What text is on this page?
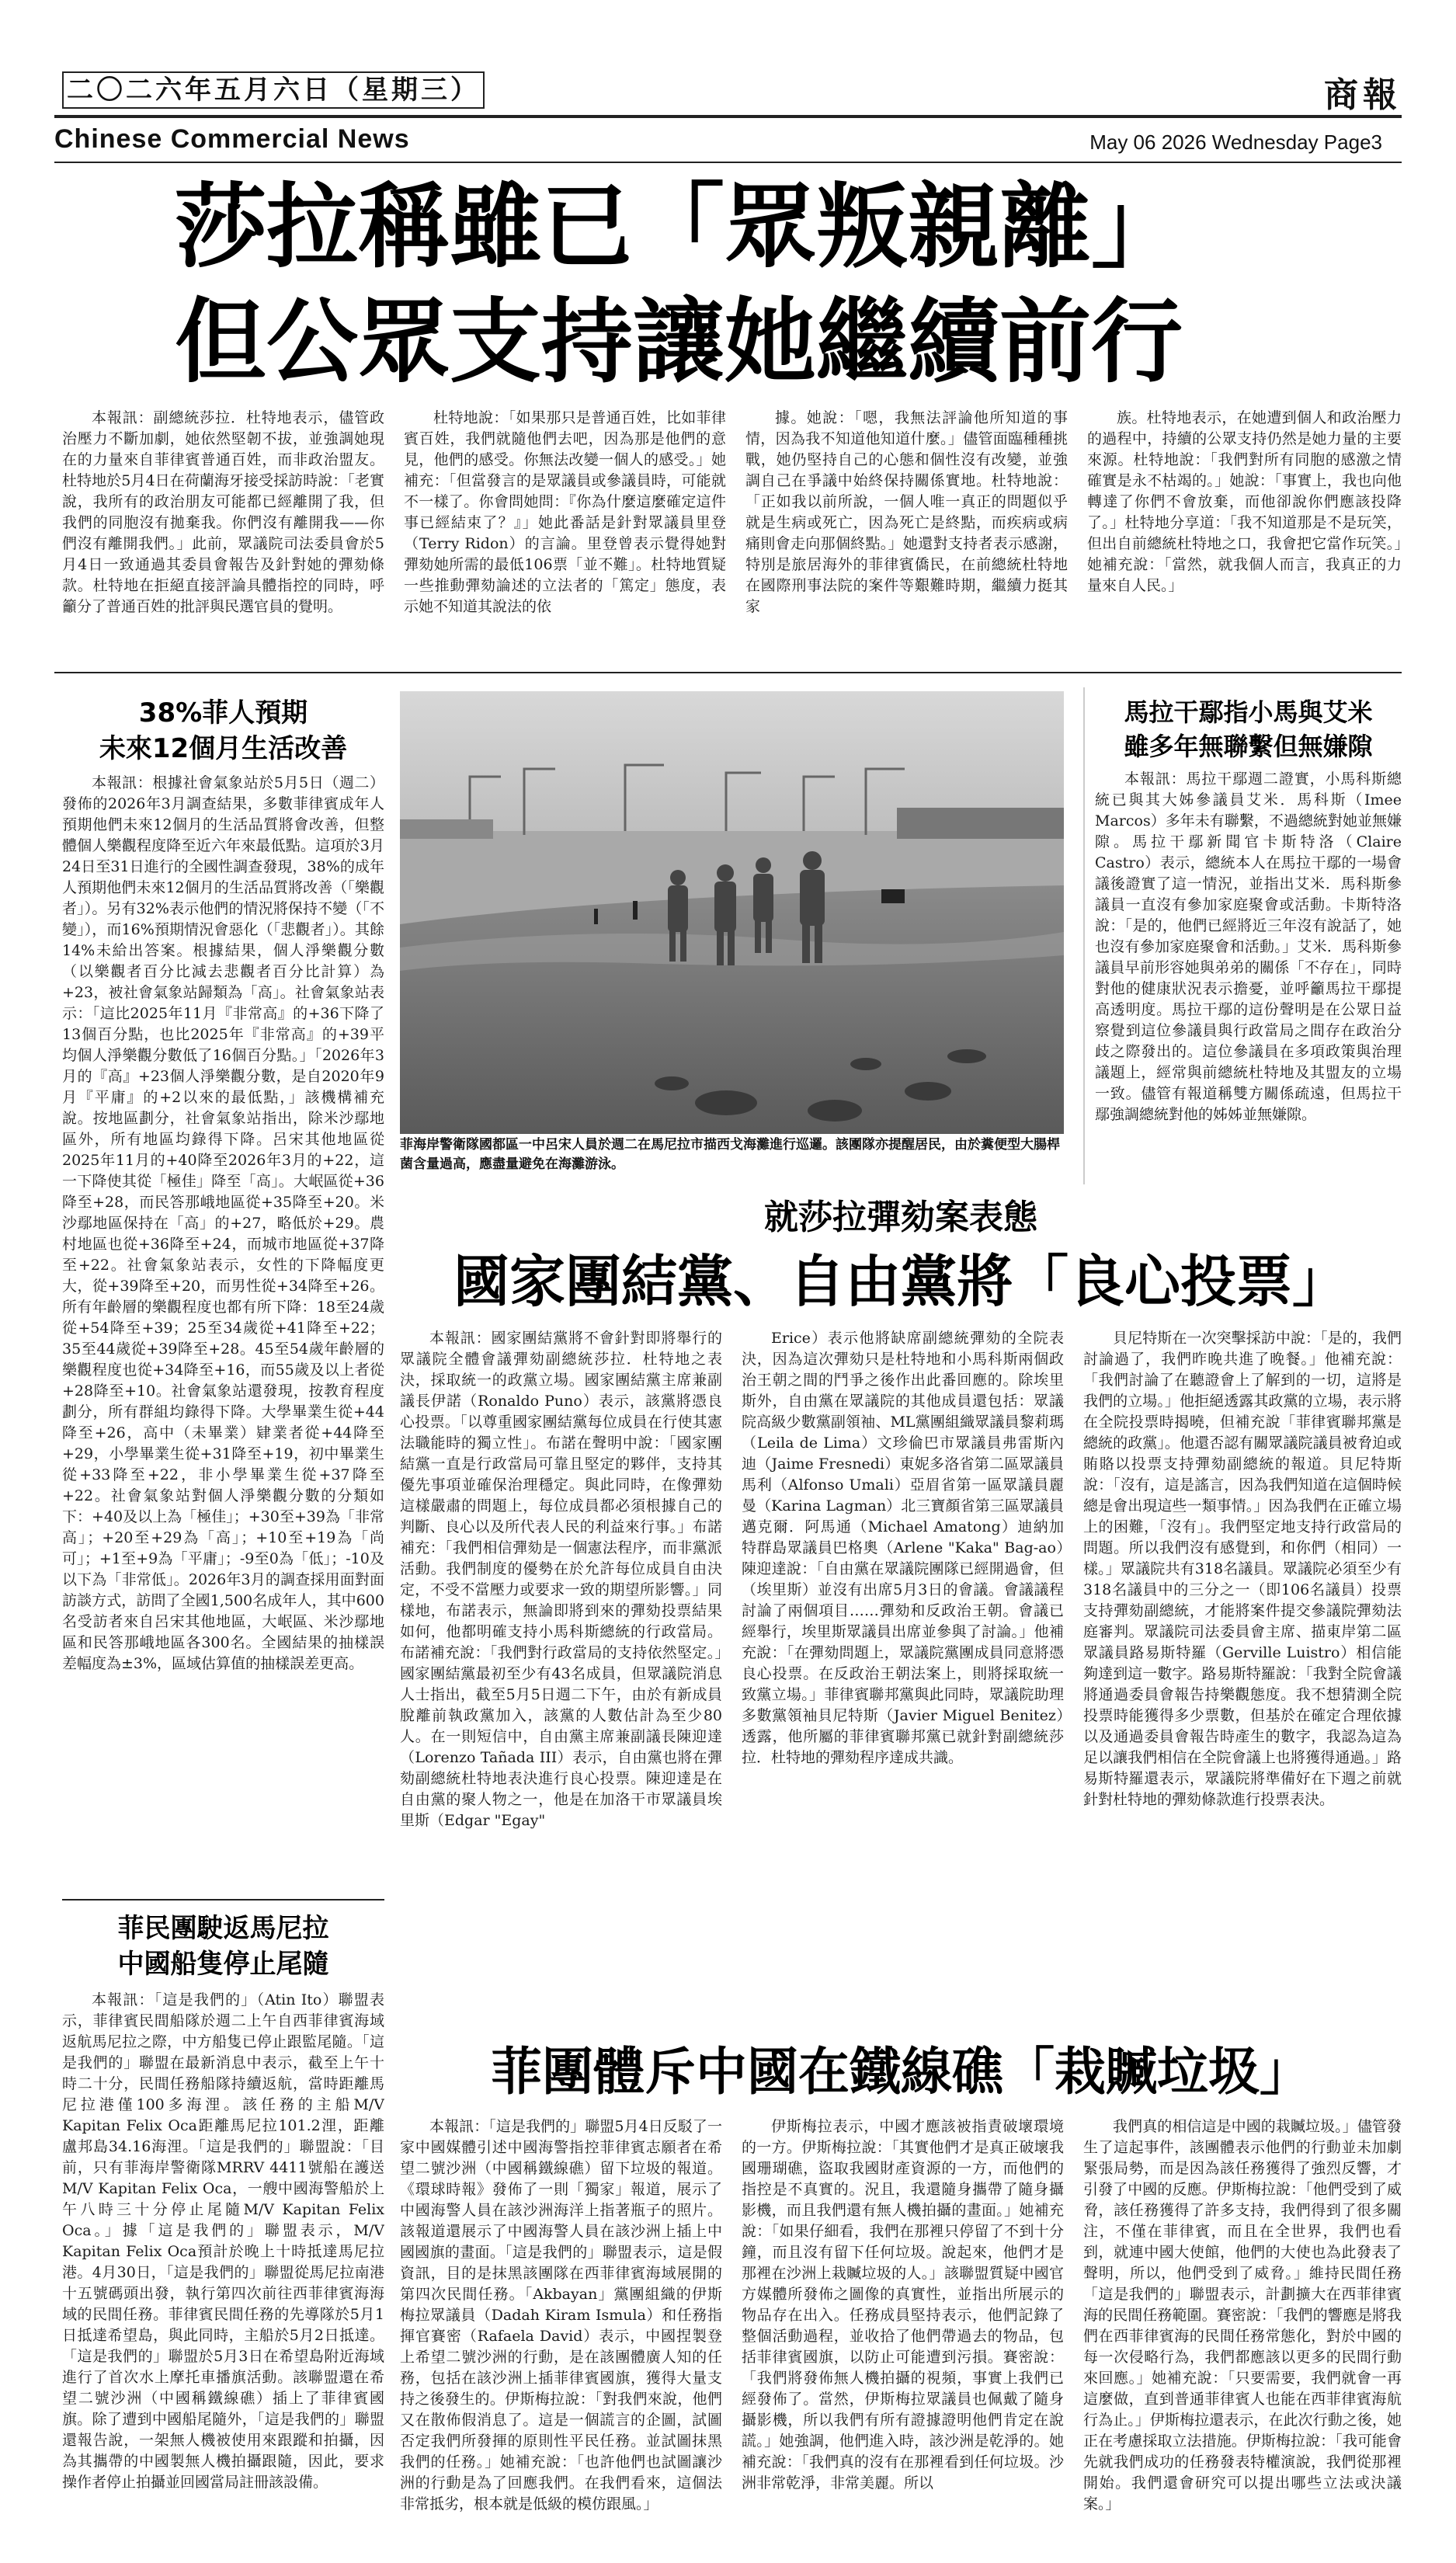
二〇二六年五月六日（星期三）	商報
Chinese Commercial News	May 06 2026 Wednesday Page3
莎拉稱雖已「眾叛親離」
但公眾支持讓她繼續前行

本報訊：副總統莎拉．杜特地表示，儘管政治壓力不斷加劇，她依然堅韌不拔，並強調她現在的力量來自菲律賓普通百姓，而非政治盟友。杜特地於5月4日在荷蘭海牙接受採訪時說：「老實說，我所有的政治朋友可能都已經離開了我，但我們的同胞沒有拋棄我。你們沒有離開我——你們沒有離開我們。」此前，眾議院司法委員會於5月4日一致通過其委員會報告及針對她的彈劾條款。杜特地在拒絕直接評論具體指控的同時，呼籲分了普通百姓的批評與民選官員的覺明。

杜特地說：「如果那只是普通百姓，比如菲律賓百姓，我們就隨他們去吧，因為那是他們的意見，他們的感受。你無法改變一個人的感受。」她補充：「但當發言的是眾議員或參議員時，可能就不一樣了。你會問她問：『你為什麼這麼確定這件事已經結束了？』」她此番話是針對眾議員里登（Terry Ridon）的言論。里登曾表示覺得她對彈劾她所需的最低106票「並不難」。杜特地質疑一些推動彈劾論述的立法者的「篤定」態度，表示她不知道其說法的依

據。她說：「嗯，我無法評論他所知道的事情，因為我不知道他知道什麼。」儘管面臨種種挑戰，她仍堅持自己的心態和個性沒有改變，並強調自己在爭議中始終保持關係實地。杜特地說：「正如我以前所說，一個人唯一真正的問題似乎就是生病或死亡，因為死亡是終點，而疾病或病痛則會走向那個終點。」她還對支持者表示感謝，特別是旅居海外的菲律賓僑民，在前總統杜特地在國際刑事法院的案件等艱難時期，繼續力挺其家

族。杜特地表示，在她遭到個人和政治壓力的過程中，持續的公眾支持仍然是她力量的主要來源。杜特地說：「我們對所有同胞的感激之情確實是永不枯竭的。」她說：「事實上，我也向他轉達了你們不會放棄，而他卻說你們應該投降了。」杜特地分享道：「我不知道那是不是玩笑，但出自前總統杜特地之口，我會把它當作玩笑。」她補充說：「當然，就我個人而言，我真正的力量來自人民。」

38%菲人預期
未來12個月生活改善

本報訊：根據社會氣象站於5月5日（週二）發佈的2026年3月調查結果，多數菲律賓成年人預期他們未來12個月的生活品質將會改善，但整體個人樂觀程度降至近六年來最低點。這項於3月24日至31日進行的全國性調查發現，38%的成年人預期他們未來12個月的生活品質將改善（「樂觀者」）。另有32%表示他們的情況將保持不變（「不變」），而16%預期情況會惡化（「悲觀者」）。其餘14%未給出答案。根據結果，個人淨樂觀分數（以樂觀者百分比減去悲觀者百分比計算）為+23，被社會氣象站歸類為「高」。社會氣象站表示：「這比2025年11月『非常高』的+36下降了13個百分點，也比2025年『非常高』的+39平均個人淨樂觀分數低了16個百分點。」「2026年3月的『高』+23個人淨樂觀分數，是自2020年9月『平庸』的+2以來的最低點，」該機構補充說。按地區劃分，社會氣象站指出，除米沙鄢地區外，所有地區均錄得下降。呂宋其他地區從2025年11月的+40降至2026年3月的+22，這一下降使其從「極佳」降至「高」。大岷區從+36降至+28，而民答那峨地區從+35降至+20。米沙鄢地區保持在「高」的+27，略低於+29。農村地區也從+36降至+24，而城市地區從+37降至+22。社會氣象站表示，女性的下降幅度更大，從+39降至+20，而男性從+34降至+26。所有年齡層的樂觀程度也都有所下降：18至24歲從+54降至+39；25至34歲從+41降至+22；35至44歲從+39降至+28。45至54歲年齡層的樂觀程度也從+34降至+16，而55歲及以上者從+28降至+10。社會氣象站還發現，按教育程度劃分，所有群組均錄得下降。大學畢業生從+44降至+26，高中（未畢業）肄業者從+44降至+29，小學畢業生從+31降至+19，初中畢業生從+33降至+22，非小學畢業生從+37降至+22。社會氣象站對個人淨樂觀分數的分類如下：+40及以上為「極佳」；+30至+39為「非常高」；+20至+29為「高」；+10至+19為「尚可」；+1至+9為「平庸」；-9至0為「低」；-10及以下為「非常低」。2026年3月的調查採用面對面訪談方式，訪問了全國1,500名成年人，其中600名受訪者來自呂宋其他地區，大岷區、米沙鄢地區和民答那峨地區各300名。全國結果的抽樣誤差幅度為±3%，區域估算值的抽樣誤差更高。

菲民團駛返馬尼拉
中國船隻停止尾隨

本報訊：「這是我們的」（Atin Ito）聯盟表示，菲律賓民間船隊於週二上午自西菲律賓海域返航馬尼拉之際，中方船隻已停止跟監尾隨。「這是我們的」聯盟在最新消息中表示，截至上午十時二十分，民間任務船隊持續返航，當時距離馬尼拉港僅100多海浬。該任務的主船M/V Kapitan Felix Oca距離馬尼拉101.2浬，距離盧邦島34.16海浬。「這是我們的」聯盟說：「目前，只有菲海岸警衛隊MRRV 4411號船在護送M/V Kapitan Felix Oca，一艘中國海警船於上午八時三十分停止尾隨M/V Kapitan Felix Oca。」據「這是我們的」聯盟表示，M/V Kapitan Felix Oca預計於晚上十時抵達馬尼拉港。4月30日，「這是我們的」聯盟從馬尼拉南港十五號碼頭出發，執行第四次前往西菲律賓海海域的民間任務。菲律賓民間任務的先導隊於5月1日抵達希望島，與此同時，主船於5月2日抵達。「這是我們的」聯盟於5月3日在希望島附近海域進行了首次水上摩托車播旗活動。該聯盟還在希望二號沙洲（中國稱鐵線礁）插上了菲律賓國旗。除了遭到中國船尾隨外，「這是我們的」聯盟還報告說，一架無人機被使用來跟蹤和拍攝，因為其攜帶的中國製無人機拍攝跟隨，因此，要求操作者停止拍攝並回國當局註冊該設備。

菲海岸警衛隊國都區一中呂宋人員於週二在馬尼拉市描西戈海灘進行巡邏。該團隊亦提醒居民，由於糞便型大腸桿菌含量過高，應盡量避免在海灘游泳。
馬拉干鄢指小馬與艾米
雖多年無聯繫但無嫌隙

本報訊：馬拉干鄢週二證實，小馬科斯總統已與其大姊參議員艾米．馬科斯（Imee Marcos）多年未有聯繫，不過總統對她並無嫌隙。馬拉干鄢新聞官卡斯特洛（Claire Castro）表示，總統本人在馬拉干鄢的一場會議後證實了這一情況，並指出艾米．馬科斯參議員一直沒有參加家庭聚會或活動。卡斯特洛說：「是的，他們已經將近三年沒有說話了，她也沒有參加家庭聚會和活動。」艾米．馬科斯參議員早前形容她與弟弟的關係「不存在」，同時對他的健康狀況表示擔憂，並呼籲馬拉干鄢提高透明度。馬拉干鄢的這份聲明是在公眾日益察覺到這位參議員與行政當局之間存在政治分歧之際發出的。這位參議員在多項政策與治理議題上，經常與前總統杜特地及其盟友的立場一致。儘管有報道稱雙方關係疏遠，但馬拉干鄢強調總統對他的姊姊並無嫌隙。

就莎拉彈劾案表態
國家團結黨、自由黨將「良心投票」

本報訊：國家團結黨將不會針對即將舉行的眾議院全體會議彈劾副總統莎拉．杜特地之表決，採取統一的政黨立場。國家團結黨主席兼副議長伊諾（Ronaldo Puno）表示，該黨將憑良心投票。「以尊重國家團結黨每位成員在行使其憲法職能時的獨立性」。布諾在聲明中說：「國家團結黨一直是行政當局可靠且堅定的夥伴，支持其優先事項並確保治理穩定。與此同時，在像彈劾這樣嚴肅的問題上，每位成員都必須根據自己的判斷、良心以及所代表人民的利益來行事。」布諾補充：「我們相信彈劾是一個憲法程序，而非黨派活動。我們制度的優勢在於允許每位成員自由決定，不受不當壓力或要求一致的期望所影響。」同樣地，布諾表示，無論即將到來的彈劾投票結果如何，他都明確支持小馬科斯總統的行政當局。布諾補充說：「我們對行政當局的支持依然堅定。」國家團結黨最初至少有43名成員，但眾議院消息人士指出，截至5月5日週二下午，由於有新成員脫離前執政黨加入，該黨的人數估計為至少80人。在一則短信中，自由黨主席兼副議長陳迎達（Lorenzo Tañada III）表示，自由黨也將在彈劾副總統杜特地表決進行良心投票。陳迎達是在自由黨的聚人物之一，他是在加洛干市眾議員埃里斯（Edgar "Egay"

Erice）表示他將缺席副總統彈劾的全院表決，因為這次彈劾只是杜特地和小馬科斯兩個政治王朝之間的鬥爭之後作出此番回應的。除埃里斯外，自由黨在眾議院的其他成員還包括：眾議院高級少數黨副領袖、ML黨團組織眾議員黎莉瑪（Leila de Lima）文珍倫巴市眾議員弗雷斯內迪（Jaime Fresnedi）東妮多洛省第二區眾議員馬利（Alfonso Umali）亞眉省第一區眾議員麗曼（Karina Lagman）北三寶顏省第三區眾議員邁克爾．阿馬通（Michael Amatong）迪納加特群島眾議員巴格奧（Arlene "Kaka" Bag-ao）陳迎達說：「自由黨在眾議院團隊已經開過會，但（埃里斯）並沒有出席5月3日的會議。會議議程討論了兩個項目……彈劾和反政治王朝。會議已經舉行，埃里斯眾議員出席並參與了討論。」他補充說：「在彈劾問題上，眾議院黨團成員同意將憑良心投票。在反政治王朝法案上，則將採取統一致黨立場。」菲律賓聯邦黨與此同時，眾議院助理多數黨領袖貝尼特斯（Javier Miguel Benitez）透露，他所屬的菲律賓聯邦黨已就針對副總統莎拉．杜特地的彈劾程序達成共識。

貝尼特斯在一次突擊採訪中說：「是的，我們討論過了，我們昨晚共進了晚餐。」他補充說：「我們討論了在聽證會上了解到的一切，這將是我們的立場。」他拒絕透露其政黨的立場，表示將在全院投票時揭曉，但補充說「菲律賓聯邦黨是總統的政黨」。他還否認有關眾議院議員被脅迫或賄賂以投票支持彈劾副總統的報道。貝尼特斯說：「沒有，這是謠言，因為我們知道在這個時候總是會出現這些一類事情。」因為我們在正確立場上的困難，「沒有」。我們堅定地支持行政當局的問題。所以我們沒有感覺到，和你們（相同）一樣。」眾議院共有318名議員。眾議院必須至少有318名議員中的三分之一（即106名議員）投票支持彈劾副總統，才能將案件提交參議院彈劾法庭審判。眾議院司法委員會主席、描東岸第二區眾議員路易斯特羅（Gerville Luistro）相信能夠達到這一數字。路易斯特羅說：「我對全院會議將通過委員會報告持樂觀態度。我不想猜測全院投票時能獲得多少票數，但基於在確定合理依據以及通過委員會報告時產生的數字，我認為這為足以讓我們相信在全院會議上也將獲得通過。」路易斯特羅還表示，眾議院將準備好在下週之前就針對杜特地的彈劾條款進行投票表決。

菲團體斥中國在鐵線礁「栽贓垃圾」

本報訊：「這是我們的」聯盟5月4日反駁了一家中國媒體引述中國海警指控菲律賓志願者在希望二號沙洲（中國稱鐵線礁）留下垃圾的報道。《環球時報》發佈了一則「獨家」報道，展示了中國海警人員在該沙洲海洋上指著瓶子的照片。該報道還展示了中國海警人員在該沙洲上插上中國國旗的畫面。「這是我們的」聯盟表示，這是假資訊，目的是抹黑該團隊在西菲律賓海域展開的第四次民間任務。「Akbayan」黨團組織的伊斯梅拉眾議員（Dadah Kiram Ismula）和任務指揮官賽密（Rafaela David）表示，中國捏製登上希望二號沙洲的行動，是在該團體廣人知的任務，包括在該沙洲上插菲律賓國旗，獲得大量支持之後發生的。伊斯梅拉說：「對我們來說，他們又在散佈假消息了。這是一個謊言的企圖，試圖否定我們所發揮的原則性平民任務。並試圖抹黑我們的任務。」她補充說：「也許他們也試圖讓沙洲的行動是為了回應我們。在我們看來，這個法非常抵劣，根本就是低級的模仿跟風。」

伊斯梅拉表示，中國才應該被指責破壞環境的一方。伊斯梅拉說：「其實他們才是真正破壞我國珊瑚礁，盜取我國財產資源的一方，而他們的指控是不真實的。況且，我還隨身攜帶了隨身攝影機，而且我們還有無人機拍攝的畫面。」她補充說：「如果仔細看，我們在那裡只停留了不到十分鐘，而且沒有留下任何垃圾。說起來，他們才是那裡在沙洲上栽贓垃圾的人。」該聯盟質疑中國官方媒體所發佈之圖像的真實性，並指出所展示的物品存在出入。任務成員堅持表示，他們記錄了整個活動過程，並收拾了他們帶過去的物品，包括菲律賓國旗，以防止可能遭到污損。賽密說：「我們將發佈無人機拍攝的視頻，事實上我們已經發佈了。當然，伊斯梅拉眾議員也佩戴了隨身攝影機，所以我們有所有證據證明他們肯定在說謊。」她強調，他們進入時，該沙洲是乾淨的。她補充說：「我們真的沒有在那裡看到任何垃圾。沙洲非常乾淨，非常美麗。所以

我們真的相信這是中國的栽贓垃圾。」儘管發生了這起事件，該團體表示他們的行動並未加劇緊張局勢，而是因為該任務獲得了強烈反響，才引發了中國的反應。伊斯梅拉說：「他們受到了威脅，該任務獲得了許多支持，我們得到了很多關注，不僅在菲律賓，而且在全世界，我們也看到，就連中國大使館，他們的大使也為此發表了聲明，所以，他們受到了威脅。」維持民間任務「這是我們的」聯盟表示，計劃擴大在西菲律賓海的民間任務範圍。賽密說：「我們的響應是將我們在西菲律賓海的民間任務常態化，對於中國的每一次侵略行為，我們都應該以更多的民間行動來回應。」她補充說：「只要需要，我們就會一再這麼做，直到普通菲律賓人也能在西菲律賓海航行為止。」伊斯梅拉還表示，在此次行動之後，她正在考慮採取立法措施。伊斯梅拉說：「我可能會先就我們成功的任務發表特權演說，我們從那裡開始。我們還會研究可以提出哪些立法或決議案。」
